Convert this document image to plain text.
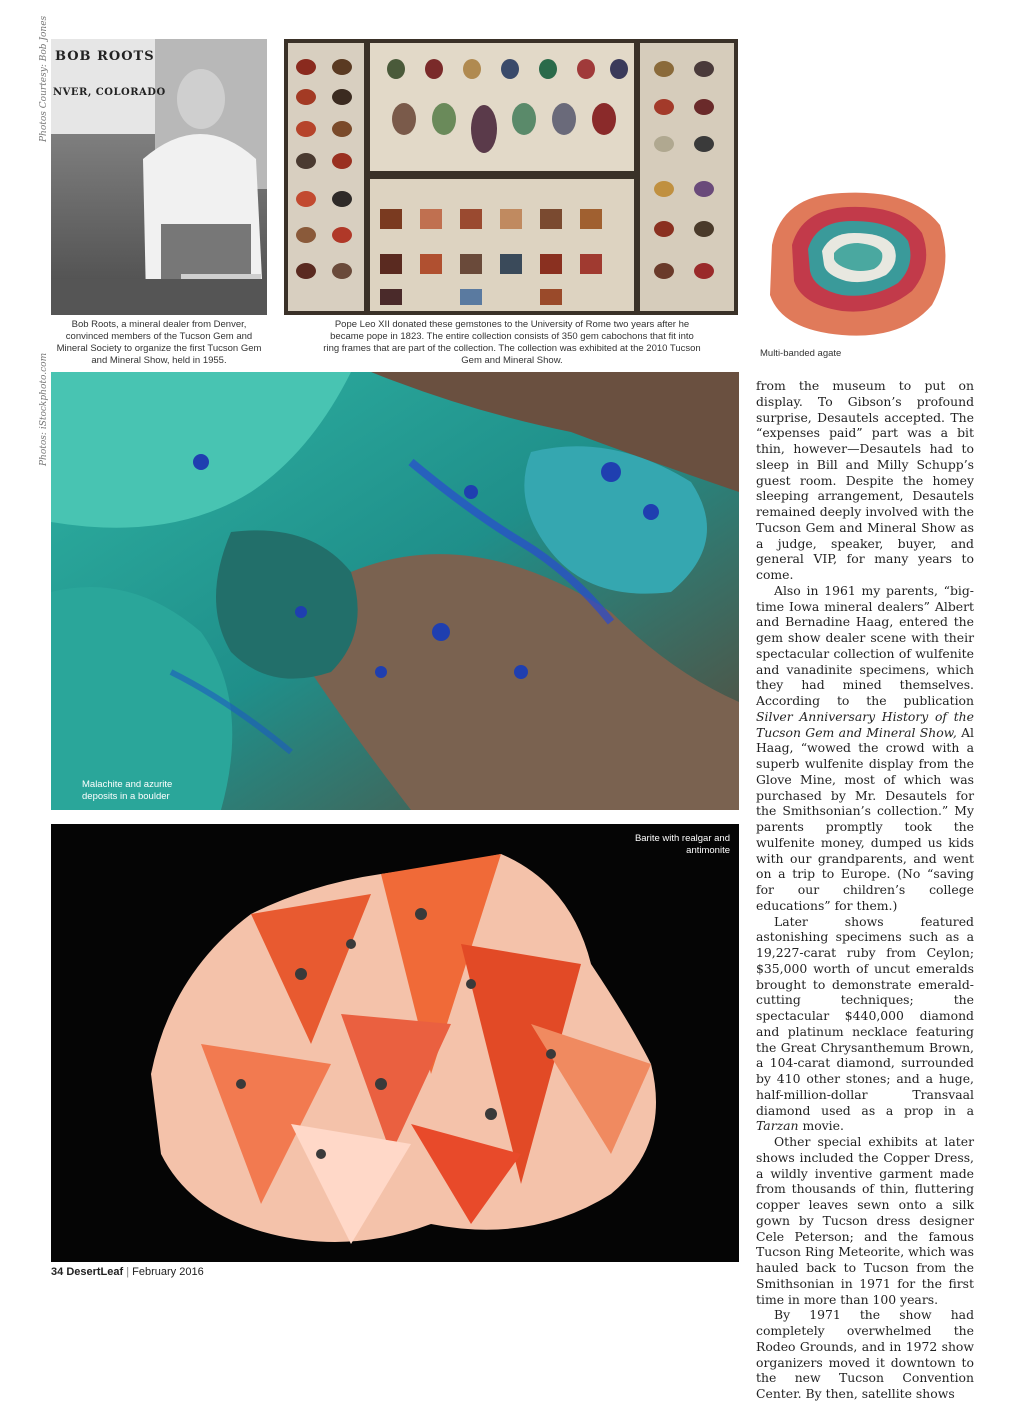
Photos Courtesy: Bob Jones
Photos: iStockphoto.com
BOB ROOTS
NVER, COLORADO
Bob Roots, a mineral dealer from Denver, convinced members of the Tucson Gem and Mineral Society to organize the first Tucson Gem and Mineral Show, held in 1955.
Pope Leo XII donated these gemstones to the University of Rome two years after he became pope in 1823. The entire collection consists of 350 gem cabochons that fit into ring frames that are part of the collection. The collection was exhibited at the 2010 Tucson Gem and Mineral Show.
Multi-banded agate
Malachite and azurite deposits in a boulder
Barite with realgar and antimonite

from the museum to put on display. To Gibson’s profound surprise, Desautels accepted. The “expenses paid” part was a bit thin, however—Desautels had to sleep in Bill and Milly Schupp’s guest room. Despite the homey sleeping arrangement, Desautels remained deeply involved with the Tucson Gem and Mineral Show as a judge, speaker, buyer, and general VIP, for many years to come.

Also in 1961 my parents, “big-time Iowa mineral dealers” Albert and Bernadine Haag, entered the gem show dealer scene with their spectacular collection of wulfenite and vanadinite specimens, which they had mined themselves. According to the publication Silver Anniversary History of the Tucson Gem and Mineral Show, Al Haag, “wowed the crowd with a superb wulfenite display from the Glove Mine, most of which was purchased by Mr. Desautels for the Smithsonian’s collection.” My parents promptly took the wulfenite money, dumped us kids with our grandparents, and went on a trip to Europe. (No “saving for our children’s college educations” for them.)

Later shows featured astonishing specimens such as a 19,227-carat ruby from Ceylon; $35,000 worth of uncut emeralds brought to demonstrate emerald-cutting techniques; the spectacular $440,000 diamond and platinum necklace featuring the Great Chrysanthemum Brown, a 104-carat diamond, surrounded by 410 other stones; and a huge, half-million-dollar Transvaal diamond used as a prop in a Tarzan movie.

Other special exhibits at later shows included the Copper Dress, a wildly inventive garment made from thousands of thin, fluttering copper leaves sewn onto a silk gown by Tucson dress designer Cele Peterson; and the famous Tucson Ring Meteorite, which was hauled back to Tucson from the Smithsonian in 1971 for the first time in more than 100 years.

By 1971 the show had completely overwhelmed the Rodeo Grounds, and in 1972 show organizers moved it downtown to the new Tucson Convention Center. By then, satellite shows

34 DesertLeaf | February 2016
